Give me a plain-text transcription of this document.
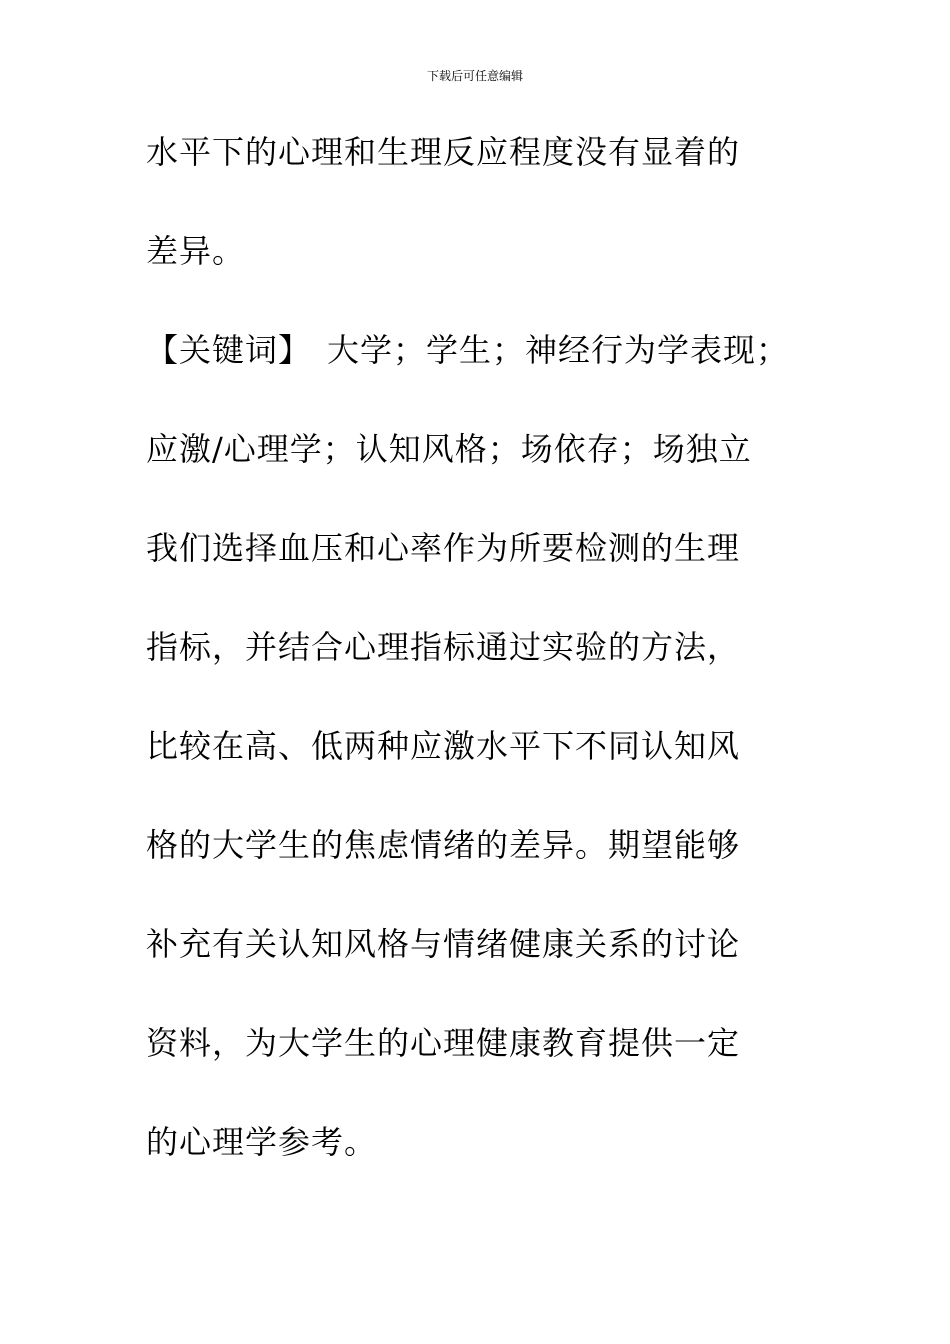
下载后可任意编辑
水平下的心理和生理反应程度没有显着的
差异。
【关键词】 大学；学生；神经行为学表现；
应激/心理学；认知风格；场依存；场独立
我们选择血压和心率作为所要检测的生理
指标，并结合心理指标通过实验的方法，
比较在高、低两种应激水平下不同认知风
格的大学生的焦虑情绪的差异。期望能够
补充有关认知风格与情绪健康关系的讨论
资料，为大学生的心理健康教育提供一定
的心理学参考。
